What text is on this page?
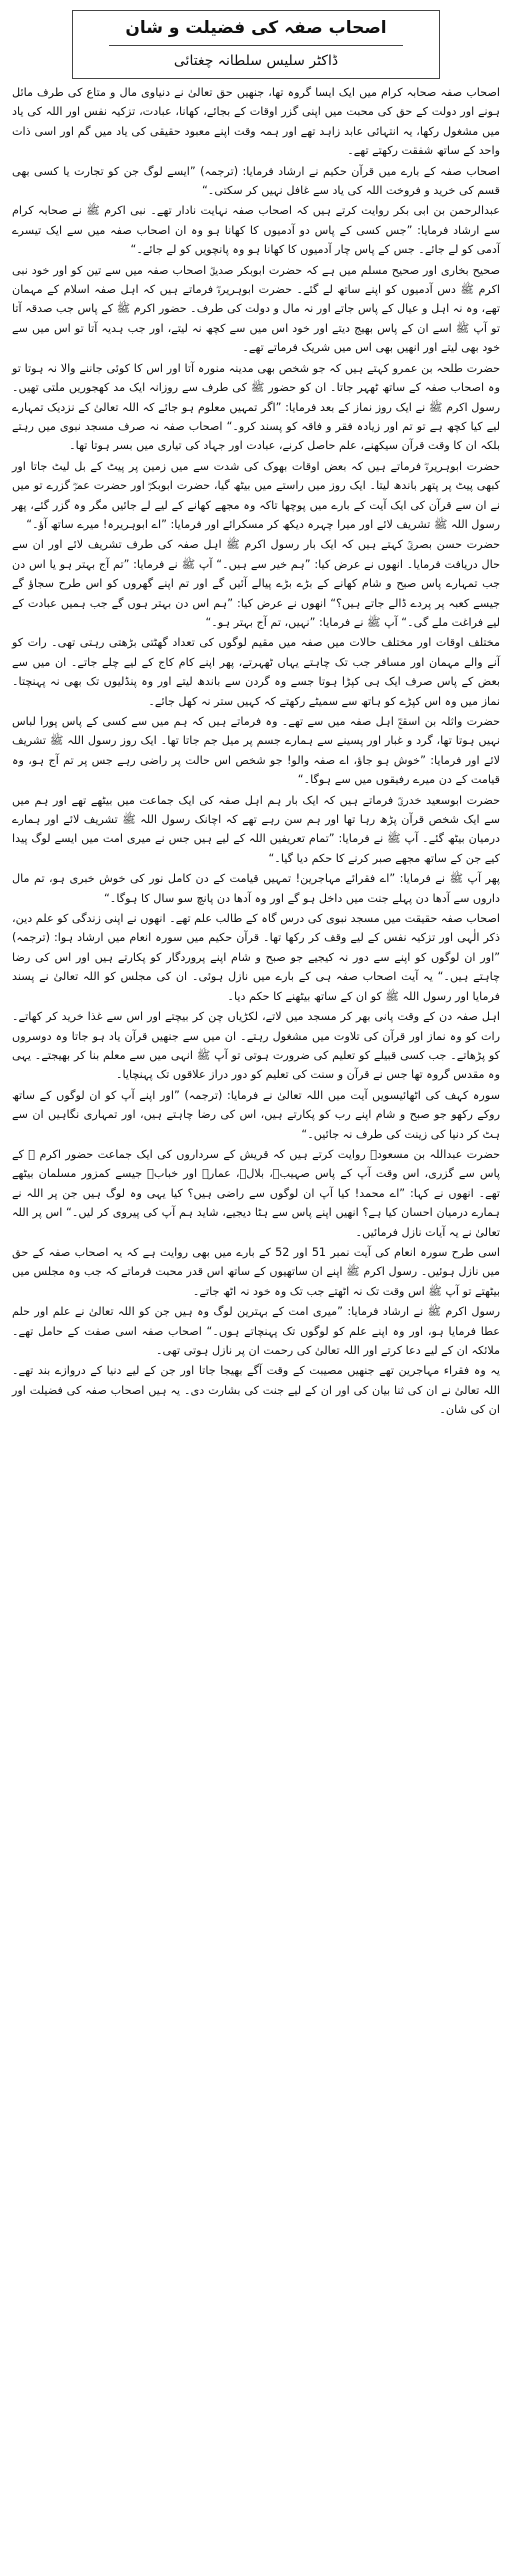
اصحاب صفہ کی فضیلت و شان
ڈاکٹر سلیس سلطانہ چغتائی

اصحاب صفہ صحابہ کرام میں ایک ایسا گروہ تھا، جنھیں حق تعالیٰ نے دنیاوی مال و متاع کی طرف مائل ہونے اور دولت کے حق کی محبت میں اپنی گزر اوقات کے بجائے، کھانا، عبادت، تزکیہ نفس اور اللہ کی یاد میں مشغول رکھا، یہ انتہائی عابد زاہد تھے اور ہمہ وقت اپنے معبود حقیقی کی یاد میں گم اور اسی ذات واحد کے ساتھ شفقت رکھتے تھے۔

اصحاب صفہ کے بارے میں قرآن حکیم نے ارشاد فرمایا: (ترجمہ) ”ایسے لوگ جن کو تجارت یا کسی بھی قسم کی خرید و فروخت اللہ کی یاد سے غافل نہیں کر سکتی۔“

عبدالرحمن بن ابی بکر روایت کرتے ہیں کہ اصحاب صفہ نہایت نادار تھے۔ نبی اکرم ﷺ نے صحابہ کرام سے ارشاد فرمایا: ”جس کسی کے پاس دو آدمیوں کا کھانا ہو وہ ان اصحاب صفہ میں سے ایک تیسرے آدمی کو لے جائے۔ جس کے پاس چار آدمیوں کا کھانا ہو وہ پانچویں کو لے جائے۔“

صحیح بخاری اور صحیح مسلم میں ہے کہ حضرت ابوبکر صدیقؓ اصحاب صفہ میں سے تین کو اور خود نبی اکرم ﷺ دس آدمیوں کو اپنے ساتھ لے گئے۔ حضرت ابوہریرہؓ فرماتے ہیں کہ اہل صفہ اسلام کے مہمان تھے، وہ نہ اہل و عیال کے پاس جاتے اور نہ مال و دولت کی طرف۔ حضور اکرم ﷺ کے پاس جب صدقہ آتا تو آپ ﷺ اسے ان کے پاس بھیج دیتے اور خود اس میں سے کچھ نہ لیتے، اور جب ہدیہ آتا تو اس میں سے خود بھی لیتے اور انھیں بھی اس میں شریک فرماتے تھے۔

حضرت طلحہ بن عمرو کہتے ہیں کہ جو شخص بھی مدینہ منورہ آتا اور اس کا کوئی جاننے والا نہ ہوتا تو وہ اصحاب صفہ کے ساتھ ٹھہر جاتا۔ ان کو حضور ﷺ کی طرف سے روزانہ ایک مد کھجوریں ملتی تھیں۔ رسول اکرم ﷺ نے ایک روز نماز کے بعد فرمایا: ”اگر تمہیں معلوم ہو جائے کہ اللہ تعالیٰ کے نزدیک تمہارے لیے کیا کچھ ہے تو تم اور زیادہ فقر و فاقہ کو پسند کرو۔“ اصحاب صفہ نہ صرف مسجد نبوی میں رہتے بلکہ ان کا وقت قرآن سیکھنے، علم حاصل کرنے، عبادت اور جہاد کی تیاری میں بسر ہوتا تھا۔

حضرت ابوہریرہؓ فرماتے ہیں کہ بعض اوقات بھوک کی شدت سے میں زمین پر پیٹ کے بل لیٹ جاتا اور کبھی پیٹ پر پتھر باندھ لیتا۔ ایک روز میں راستے میں بیٹھ گیا، حضرت ابوبکرؓ اور حضرت عمرؓ گزرے تو میں نے ان سے قرآن کی ایک آیت کے بارے میں پوچھا تاکہ وہ مجھے کھانے کے لیے لے جائیں مگر وہ گزر گئے، پھر رسول اللہ ﷺ تشریف لائے اور میرا چہرہ دیکھ کر مسکرائے اور فرمایا: ”اے ابوہریرہ! میرے ساتھ آؤ۔“

حضرت حسن بصریؒ کہتے ہیں کہ ایک بار رسول اکرم ﷺ اہل صفہ کی طرف تشریف لائے اور ان سے حال دریافت فرمایا۔ انھوں نے عرض کیا: ”ہم خیر سے ہیں۔“ آپ ﷺ نے فرمایا: ”تم آج بہتر ہو یا اس دن جب تمہارے پاس صبح و شام کھانے کے بڑے بڑے پیالے آئیں گے اور تم اپنے گھروں کو اس طرح سجاؤ گے جیسے کعبہ پر پردے ڈالے جاتے ہیں؟“ انھوں نے عرض کیا: ”ہم اس دن بہتر ہوں گے جب ہمیں عبادت کے لیے فراغت ملے گی۔“ آپ ﷺ نے فرمایا: ”نہیں، تم آج بہتر ہو۔“

مختلف اوقات اور مختلف حالات میں صفہ میں مقیم لوگوں کی تعداد گھٹتی بڑھتی رہتی تھی۔ رات کو آنے والے مہمان اور مسافر جب تک چاہتے یہاں ٹھہرتے، پھر اپنے کام کاج کے لیے چلے جاتے۔ ان میں سے بعض کے پاس صرف ایک ہی کپڑا ہوتا جسے وہ گردن سے باندھ لیتے اور وہ پنڈلیوں تک بھی نہ پہنچتا۔ نماز میں وہ اس کپڑے کو ہاتھ سے سمیٹے رکھتے کہ کہیں ستر نہ کھل جائے۔

حضرت واثلہ بن اسقعؓ اہل صفہ میں سے تھے۔ وہ فرماتے ہیں کہ ہم میں سے کسی کے پاس پورا لباس نہیں ہوتا تھا، گرد و غبار اور پسینے سے ہمارے جسم پر میل جم جاتا تھا۔ ایک روز رسول اللہ ﷺ تشریف لائے اور فرمایا: ”خوش ہو جاؤ، اے صفہ والو! جو شخص اس حالت پر راضی رہے جس پر تم آج ہو، وہ قیامت کے دن میرے رفیقوں میں سے ہوگا۔“

حضرت ابوسعید خدریؓ فرماتے ہیں کہ ایک بار ہم اہل صفہ کی ایک جماعت میں بیٹھے تھے اور ہم میں سے ایک شخص قرآن پڑھ رہا تھا اور ہم سن رہے تھے کہ اچانک رسول اللہ ﷺ تشریف لائے اور ہمارے درمیان بیٹھ گئے۔ آپ ﷺ نے فرمایا: ”تمام تعریفیں اللہ کے لیے ہیں جس نے میری امت میں ایسے لوگ پیدا کیے جن کے ساتھ مجھے صبر کرنے کا حکم دیا گیا۔“

پھر آپ ﷺ نے فرمایا: ”اے فقرائے مہاجرین! تمہیں قیامت کے دن کامل نور کی خوش خبری ہو، تم مال داروں سے آدھا دن پہلے جنت میں داخل ہو گے اور وہ آدھا دن پانچ سو سال کا ہوگا۔“

اصحاب صفہ حقیقت میں مسجد نبوی کی درس گاہ کے طالب علم تھے۔ انھوں نے اپنی زندگی کو علم دین، ذکر الٰہی اور تزکیہ نفس کے لیے وقف کر رکھا تھا۔ قرآن حکیم میں سورہ انعام میں ارشاد ہوا: (ترجمہ) ”اور ان لوگوں کو اپنے سے دور نہ کیجیے جو صبح و شام اپنے پروردگار کو پکارتے ہیں اور اس کی رضا چاہتے ہیں۔“ یہ آیت اصحاب صفہ ہی کے بارے میں نازل ہوئی۔ ان کی مجلس کو اللہ تعالیٰ نے پسند فرمایا اور رسول اللہ ﷺ کو ان کے ساتھ بیٹھنے کا حکم دیا۔

اہل صفہ دن کے وقت پانی بھر کر مسجد میں لاتے، لکڑیاں چن کر بیچتے اور اس سے غذا خرید کر کھاتے۔ رات کو وہ نماز اور قرآن کی تلاوت میں مشغول رہتے۔ ان میں سے جنھیں قرآن یاد ہو جاتا وہ دوسروں کو پڑھاتے۔ جب کسی قبیلے کو تعلیم کی ضرورت ہوتی تو آپ ﷺ انہی میں سے معلم بنا کر بھیجتے۔ یہی وہ مقدس گروہ تھا جس نے قرآن و سنت کی تعلیم کو دور دراز علاقوں تک پہنچایا۔

سورہ کہف کی اٹھائیسویں آیت میں اللہ تعالیٰ نے فرمایا: (ترجمہ) ”اور اپنے آپ کو ان لوگوں کے ساتھ روکے رکھو جو صبح و شام اپنے رب کو پکارتے ہیں، اس کی رضا چاہتے ہیں، اور تمہاری نگاہیں ان سے ہٹ کر دنیا کی زینت کی طرف نہ جائیں۔“

حضرت عبداللہ بن مسعودؓ روایت کرتے ہیں کہ قریش کے سرداروں کی ایک جماعت حضور اکرم ﷺ کے پاس سے گزری، اس وقت آپ کے پاس صہیبؓ، بلالؓ، عمارؓ اور خبابؓ جیسے کمزور مسلمان بیٹھے تھے۔ انھوں نے کہا: ”اے محمد! کیا آپ ان لوگوں سے راضی ہیں؟ کیا یہی وہ لوگ ہیں جن پر اللہ نے ہمارے درمیان احسان کیا ہے؟ انھیں اپنے پاس سے ہٹا دیجیے، شاید ہم آپ کی پیروی کر لیں۔“ اس پر اللہ تعالیٰ نے یہ آیات نازل فرمائیں۔

اسی طرح سورہ انعام کی آیت نمبر 51 اور 52 کے بارے میں بھی روایت ہے کہ یہ اصحاب صفہ کے حق میں نازل ہوئیں۔ رسول اکرم ﷺ اپنے ان ساتھیوں کے ساتھ اس قدر محبت فرماتے کہ جب وہ مجلس میں بیٹھتے تو آپ ﷺ اس وقت تک نہ اٹھتے جب تک وہ خود نہ اٹھ جاتے۔

رسول اکرم ﷺ نے ارشاد فرمایا: ”میری امت کے بہترین لوگ وہ ہیں جن کو اللہ تعالیٰ نے علم اور حلم عطا فرمایا ہو، اور وہ اپنے علم کو لوگوں تک پہنچاتے ہوں۔“ اصحاب صفہ اسی صفت کے حامل تھے۔ ملائکہ ان کے لیے دعا کرتے اور اللہ تعالیٰ کی رحمت ان پر نازل ہوتی تھی۔

یہ وہ فقراء مہاجرین تھے جنھیں مصیبت کے وقت آگے بھیجا جاتا اور جن کے لیے دنیا کے دروازے بند تھے۔ اللہ تعالیٰ نے ان کی ثنا بیان کی اور ان کے لیے جنت کی بشارت دی۔ یہ ہیں اصحاب صفہ کی فضیلت اور ان کی شان۔
